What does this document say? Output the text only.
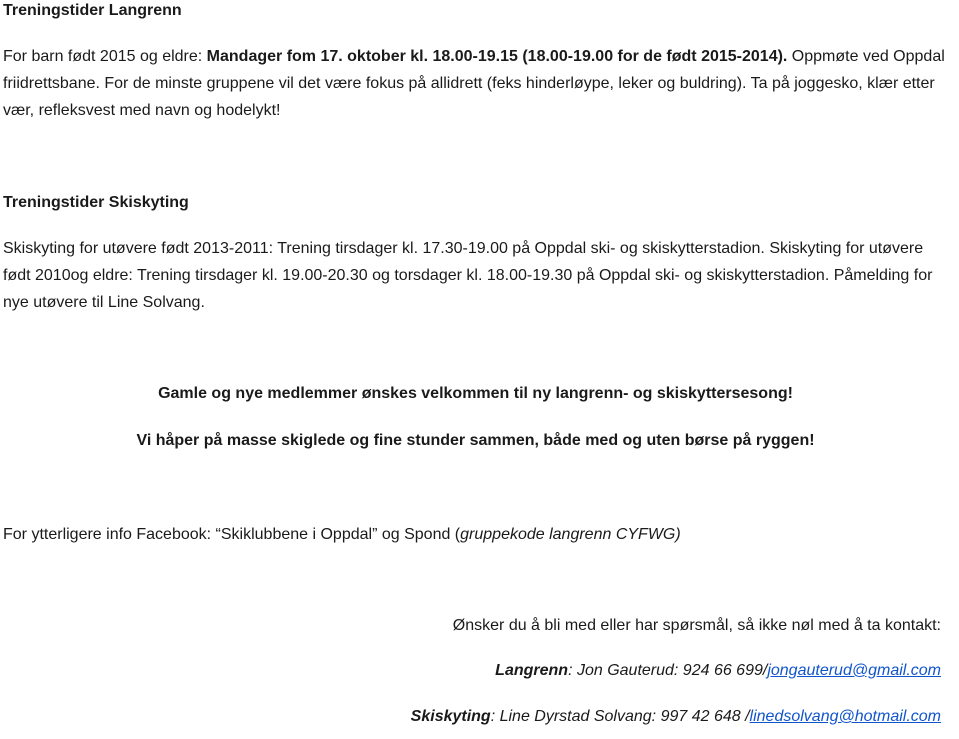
Treningstider Langrenn
For barn født 2015 og eldre: Mandager fom 17. oktober kl. 18.00-19.15 (18.00-19.00 for de født 2015-2014). Oppmøte ved Oppdal friidrettsbane. For de minste gruppene vil det være fokus på allidrett (feks hinderløype, leker og buldring). Ta på joggesko, klær etter vær, refleksvest med navn og hodelykt!
Treningstider Skiskyting
Skiskyting for utøvere født 2013-2011: Trening tirsdager kl. 17.30-19.00 på Oppdal ski- og skiskytterstadion. Skiskyting for utøvere født 2010og eldre: Trening tirsdager kl. 19.00-20.30 og torsdager kl. 18.00-19.30 på Oppdal ski- og skiskytterstadion. Påmelding for nye utøvere til Line Solvang.
Gamle og nye medlemmer ønskes velkommen til ny langrenn- og skiskyttersesong!
Vi håper på masse skiglede og fine stunder sammen, både med og uten børse på ryggen!
For ytterligere info Facebook: “Skiklubbene i Oppdal” og Spond (gruppekode langrenn CYFWG)
Ønsker du å bli med eller har spørsmål, så ikke nøl med å ta kontakt:
Langrenn: Jon Gauterud: 924 66 699/jongauterud@gmail.com
Skiskyting: Line Dyrstad Solvang: 997 42 648 /linedsolvang@hotmail.com
